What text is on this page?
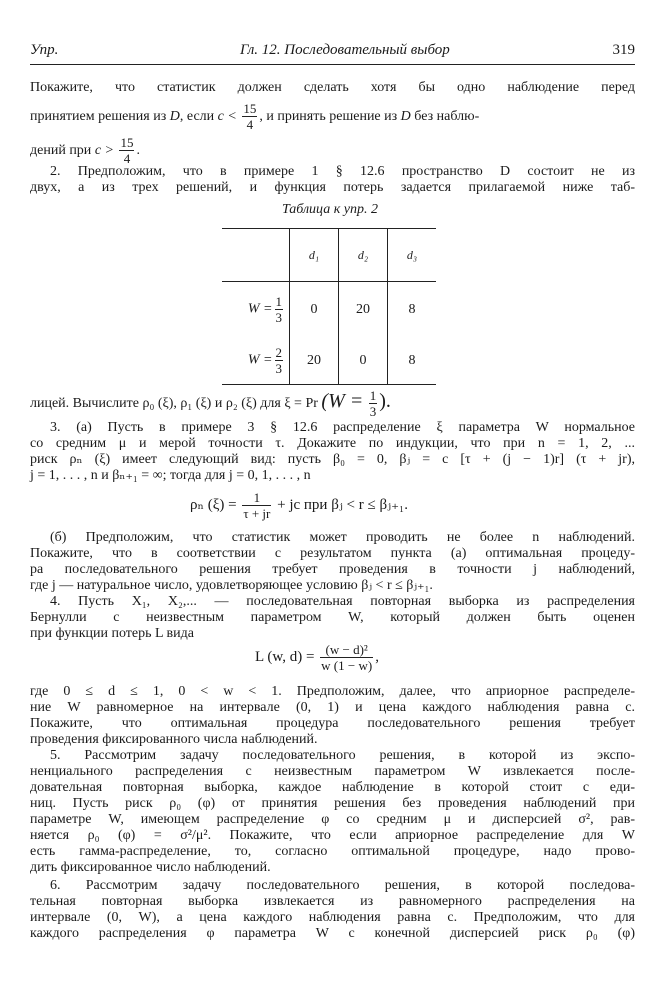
Упр.	Гл. 12. Последовательный выбор	319
Покажите, что статистик должен сделать хотя бы одно наблюдение перед
принятием решения из D, если $c < \frac{15}{4}$ , и принять решение из D без наблю-
дений при $c > \frac{15}{4}$ .
2. Предположим, что в примере 1 § 12.6 пространство D состоит не из
двух, а из трех решений, и функция потерь задается прилагаемой ниже таб-
Таблица к упр. 2
	d₁	d₂	d₃
$W = \frac{1}{3}$	0	20	8
$W = \frac{2}{3}$	20	0	8
лицей. Вычислите ρ₀ (ξ), ρ₁ (ξ) и ρ₂ (ξ) для ξ = Pr ($W = \frac{1}{3}$ ).
3. (а) Пусть в примере 3 § 12.6 распределение ξ параметра W нормальное
со средним μ и мерой точности τ. Докажите по индукции, что при n = 1, 2, ...
риск ρₙ (ξ) имеет следующий вид: пусть β₀ = 0, βⱼ = c [τ + (j − 1)r] (τ + jr),
j = 1, . . . , n и βₙ₊₁ = ∞; тогда для j = 0, 1, . . . , n
ρₙ $(\xi) = \frac{1}{\tau + jr}$ + jc при βⱼ < r ≤ βⱼ₊₁.
(б) Предположим, что статистик может проводить не более n наблюдений.
Покажите, что в соответствии с результатом пункта (а) оптимальная процеду-
ра последовательного решения требует проведения в точности j наблюдений,
где j — натуральное число, удовлетворяющее условию βⱼ < r ≤ βⱼ₊₁.
4. Пусть X₁, X₂,... — последовательная повторная выборка из распределения
Бернулли с неизвестным параметром W, который должен быть оценен
при функции потерь L вида
L (w, $d) = \frac{\text{(w − d)²}}{w (1 - w)}$ ,
где 0 ≤ d ≤ 1, 0 < w < 1. Предположим, далее, что априорное распределе-
ние W равномерное на интервале (0, 1) и цена каждого наблюдения равна c.
Покажите, что оптимальная процедура последовательного решения требует
проведения фиксированного числа наблюдений.
5. Рассмотрим задачу последовательного решения, в которой из экспо-
ненциального распределения с неизвестным параметром W извлекается после-
довательная повторная выборка, каждое наблюдение в которой стоит c еди-
ниц. Пусть риск ρ₀ (φ) от принятия решения без проведения наблюдений при
параметре W, имеющем распределение φ со средним μ и дисперсией σ², рав-
няется ρ₀ (φ) = σ²/μ². Покажите, что если априорное распределение для W
есть гамма-распределение, то, согласно оптимальной процедуре, надо прово-
дить фиксированное число наблюдений.
6. Рассмотрим задачу последовательного решения, в которой последова-
тельная повторная выборка извлекается из равномерного распределения на
интервале (0, W), а цена каждого наблюдения равна c. Предположим, что для
каждого распределения φ параметра W с конечной дисперсией риск ρ₀ (φ)
